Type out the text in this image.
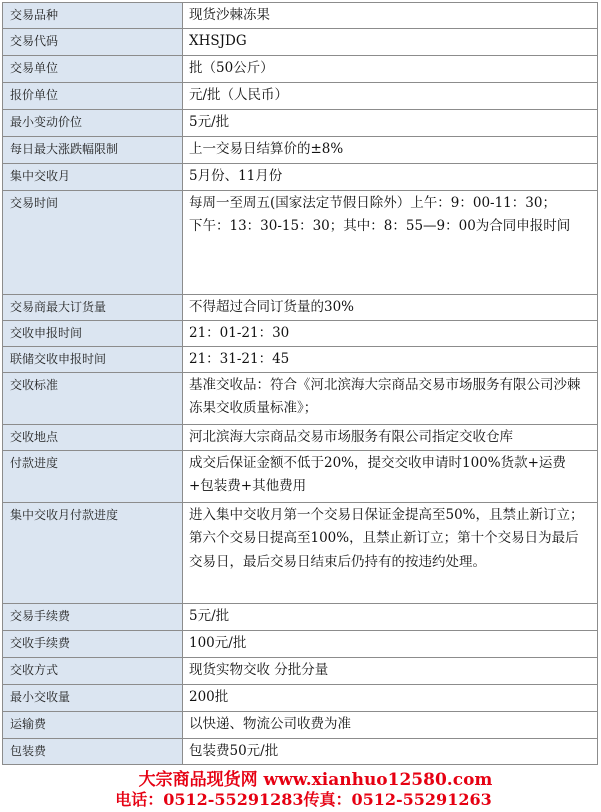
交易品种	现货沙棘冻果
交易代码	XHSJDG
交易单位	批（50公斤）
报价单位	元/批（人民币）
最小变动价位	5元/批
每日最大涨跌幅限制	上一交易日结算价的±8%
集中交收月	5月份、11月份
交易时间	每周一至周五(国家法定节假日除外）上午：9：00-11：30；
下午：13：30-15：30；其中：8：55—9：00为合同申报时间

交易商最大订货量	不得超过合同订货量的30%
交收申报时间	21：01-21：30
联储交收申报时间	21：31-21：45
交收标准	基准交收品：符合《河北滨海大宗商品交易市场服务有限公司沙棘冻果交收质量标准》；
交收地点	河北滨海大宗商品交易市场服务有限公司指定交收仓库
付款进度	成交后保证金额不低于20%，提交交收申请时100%货款+运费+包装费+其他费用
集中交收月付款进度	进入集中交收月第一个交易日保证金提高至50%，且禁止新订立；第六个交易日提高至100%，且禁止新订立；第十个交易日为最后交易日，最后交易日结束后仍持有的按违约处理。
交易手续费	5元/批
交收手续费	100元/批
交收方式	现货实物交收 分批分量
最小交收量	200批
运输费	以快递、物流公司收费为准
包装费	包装费50元/批
大宗商品现货网 www.xianhuo12580.com
电话：0512-55291283传真：0512-55291263
